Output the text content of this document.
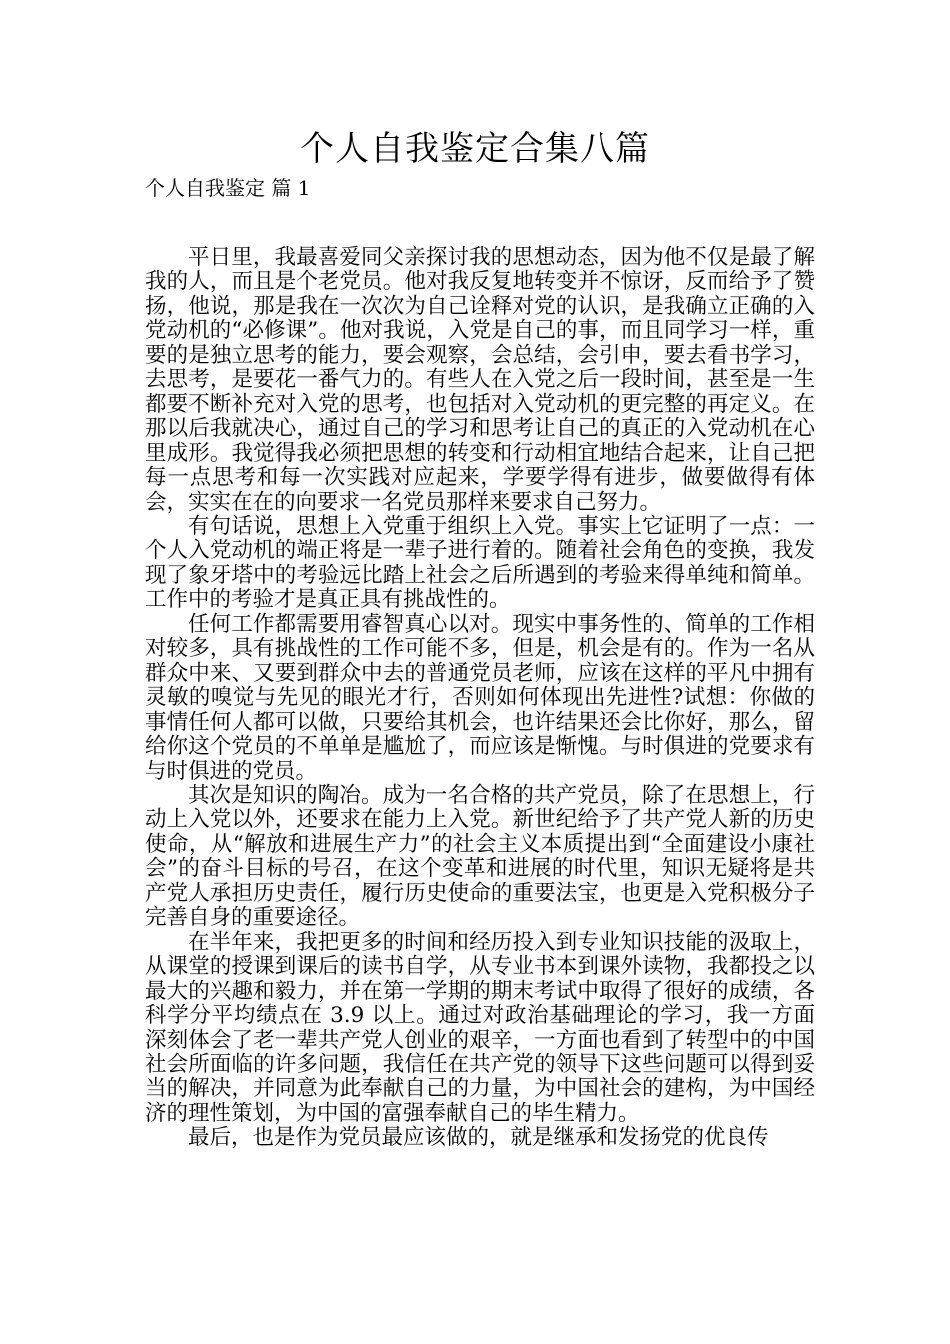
个人自我鉴定合集八篇
个人自我鉴定 篇 1

平日里，我最喜爱同父亲探讨我的思想动态，因为他不仅是最了解我的人，而且是个老党员。他对我反复地转变并不惊讶，反而给予了赞扬，他说，那是我在一次次为自己诠释对党的认识，是我确立正确的入党动机的“必修课”。他对我说，入党是自己的事，而且同学习一样，重要的是独立思考的能力，要会观察，会总结，会引申，要去看书学习，去思考，是要花一番气力的。有些人在入党之后一段时间，甚至是一生都要不断补充对入党的思考，也包括对入党动机的更完整的再定义。在那以后我就决心，通过自己的学习和思考让自己的真正的入党动机在心里成形。我觉得我必须把思想的转变和行动相宜地结合起来，让自己把每一点思考和每一次实践对应起来，学要学得有进步，做要做得有体会，实实在在的向要求一名党员那样来要求自己努力。

有句话说，思想上入党重于组织上入党。事实上它证明了一点：一个人入党动机的端正将是一辈子进行着的。随着社会角色的变换，我发现了象牙塔中的考验远比踏上社会之后所遇到的考验来得单纯和简单。工作中的考验才是真正具有挑战性的。

任何工作都需要用睿智真心以对。现实中事务性的、简单的工作相对较多，具有挑战性的工作可能不多，但是，机会是有的。作为一名从群众中来、又要到群众中去的普通党员老师，应该在这样的平凡中拥有灵敏的嗅觉与先见的眼光才行，否则如何体现出先进性?试想：你做的事情任何人都可以做，只要给其机会，也许结果还会比你好，那么，留给你这个党员的不单单是尴尬了，而应该是惭愧。与时俱进的党要求有与时俱进的党员。

其次是知识的陶冶。成为一名合格的共产党员，除了在思想上，行动上入党以外，还要求在能力上入党。新世纪给予了共产党人新的历史使命，从“解放和进展生产力”的社会主义本质提出到“全面建设小康社会”的奋斗目标的号召，在这个变革和进展的时代里，知识无疑将是共产党人承担历史责任，履行历史使命的重要法宝，也更是入党积极分子完善自身的重要途径。

在半年来，我把更多的时间和经历投入到专业知识技能的汲取上，从课堂的授课到课后的读书自学，从专业书本到课外读物，我都投之以最大的兴趣和毅力，并在第一学期的期末考试中取得了很好的成绩，各科学分平均绩点在 3.9 以上。通过对政治基础理论的学习，我一方面深刻体会了老一辈共产党人创业的艰辛，一方面也看到了转型中的中国社会所面临的许多问题，我信任在共产党的领导下这些问题可以得到妥当的解决，并同意为此奉献自己的力量，为中国社会的建构，为中国经济的理性策划，为中国的富强奉献自己的毕生精力。

最后，也是作为党员最应该做的，就是继承和发扬党的优良传
